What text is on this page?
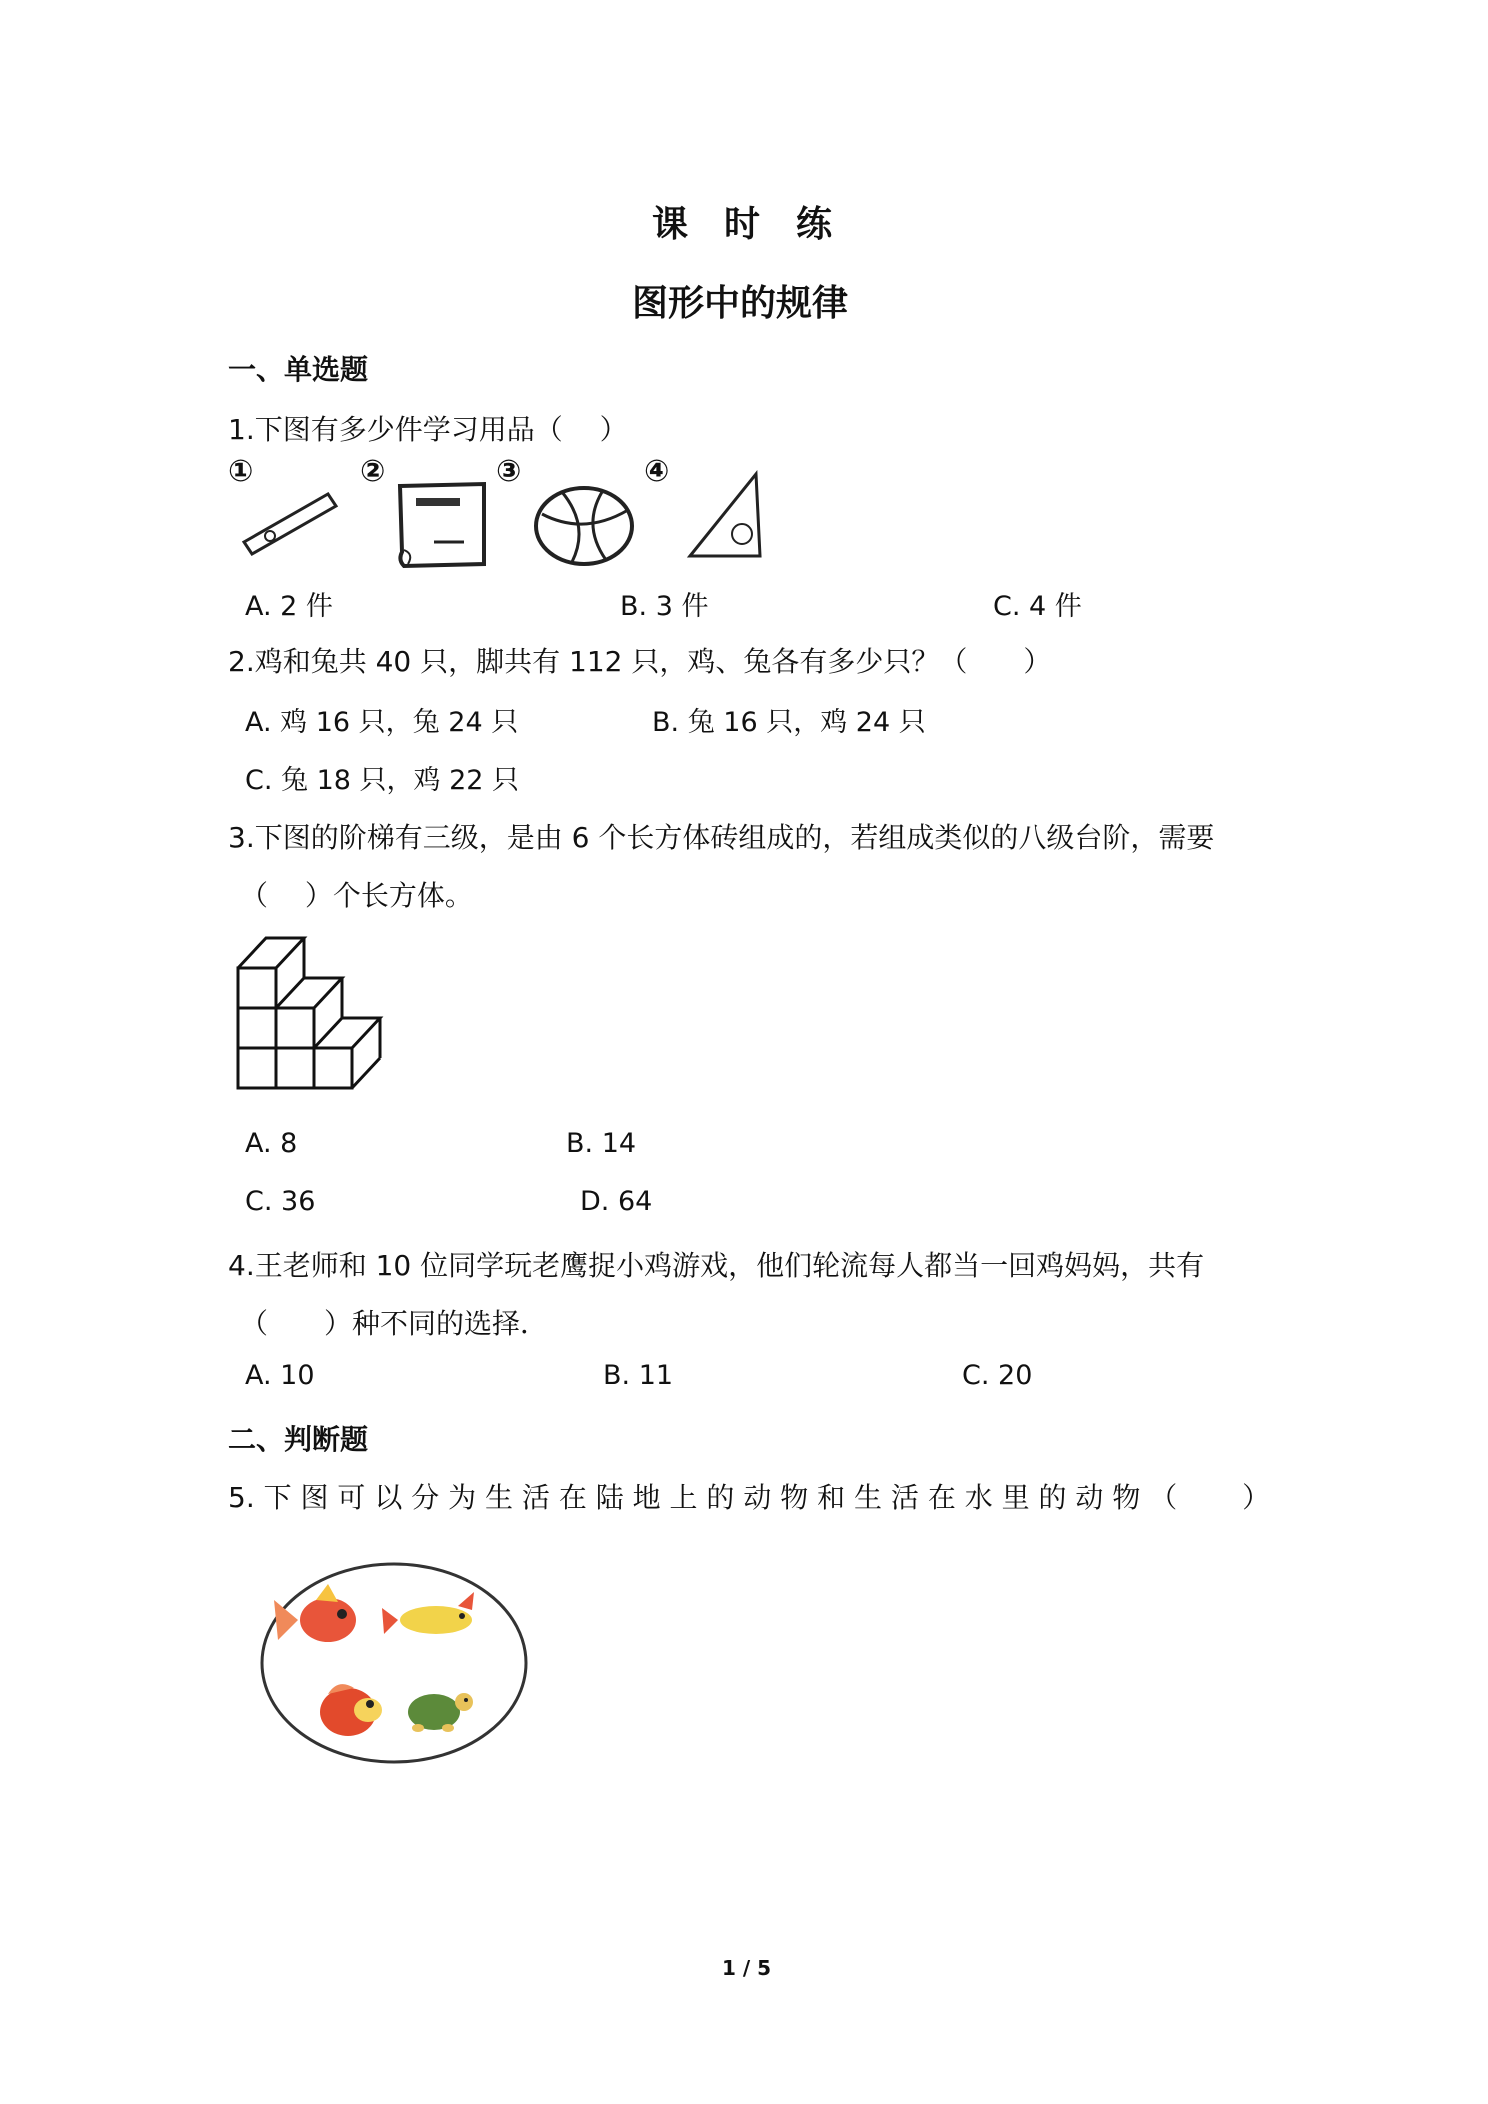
课　时　练
图形中的规律
一、单选题
1.下图有多少件学习用品（　 ）
①	②	③	④
A. 2 件	B. 3 件	C. 4 件
2.鸡和兔共 40 只，脚共有 112 只，鸡、兔各有多少只？（　　）
A. 鸡 16 只，兔 24 只	B. 兔 16 只，鸡 24 只
C. 兔 18 只，鸡 22 只
3.下图的阶梯有三级，是由 6 个长方体砖组成的，若组成类似的八级台阶，需要
（　 ）个长方体。
A. 8	B. 14
C. 36	D. 64
4.王老师和 10 位同学玩老鹰捉小鸡游戏，他们轮流每人都当一回鸡妈妈，共有
（　　）种不同的选择．
A. 10	B. 11	C. 20
二、判断题
5. 下 图 可 以 分 为 生 活 在 陆 地 上 的 动 物 和 生 活 在 水 里 的 动 物 （　　 ）
1 / 5
